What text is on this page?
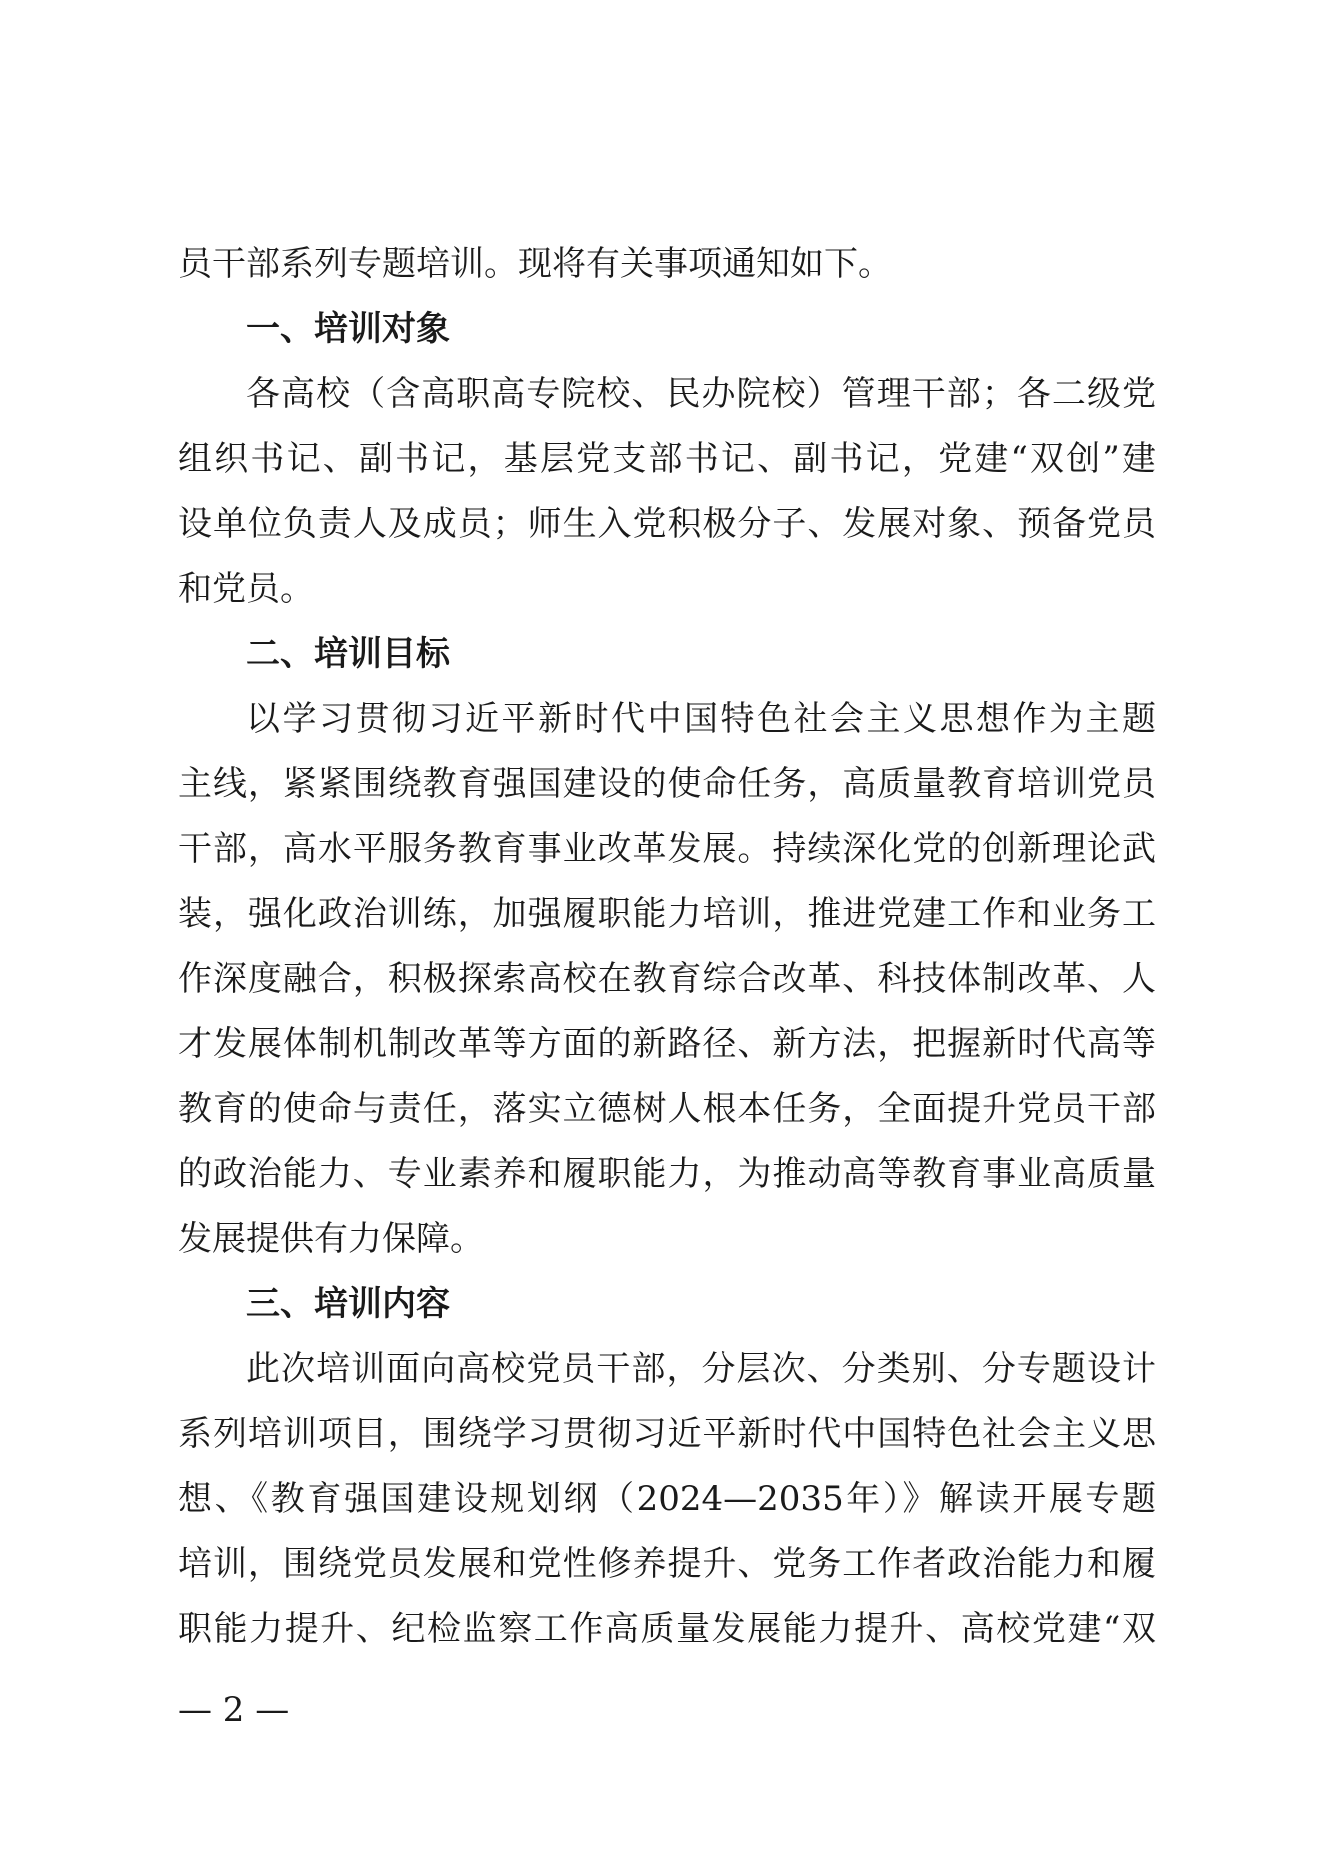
员干部系列专题培训。现将有关事项通知如下。
一、培训对象
各高校（含高职高专院校、民办院校）管理干部；各二级党
组织书记、副书记，基层党支部书记、副书记，党建“双创”建
设单位负责人及成员；师生入党积极分子、发展对象、预备党员
和党员。
二、培训目标
以学习贯彻习近平新时代中国特色社会主义思想作为主题
主线，紧紧围绕教育强国建设的使命任务，高质量教育培训党员
干部，高水平服务教育事业改革发展。持续深化党的创新理论武
装，强化政治训练，加强履职能力培训，推进党建工作和业务工
作深度融合，积极探索高校在教育综合改革、科技体制改革、人
才发展体制机制改革等方面的新路径、新方法，把握新时代高等
教育的使命与责任，落实立德树人根本任务，全面提升党员干部
的政治能力、专业素养和履职能力，为推动高等教育事业高质量
发展提供有力保障。
三、培训内容
此次培训面向高校党员干部，分层次、分类别、分专题设计
系列培训项目，围绕学习贯彻习近平新时代中国特色社会主义思
想、《教育强国建设规划纲（2024—2035年）》解读开展专题
培训，围绕党员发展和党性修养提升、党务工作者政治能力和履
职能力提升、纪检监察工作高质量发展能力提升、高校党建“双
— 2 —
